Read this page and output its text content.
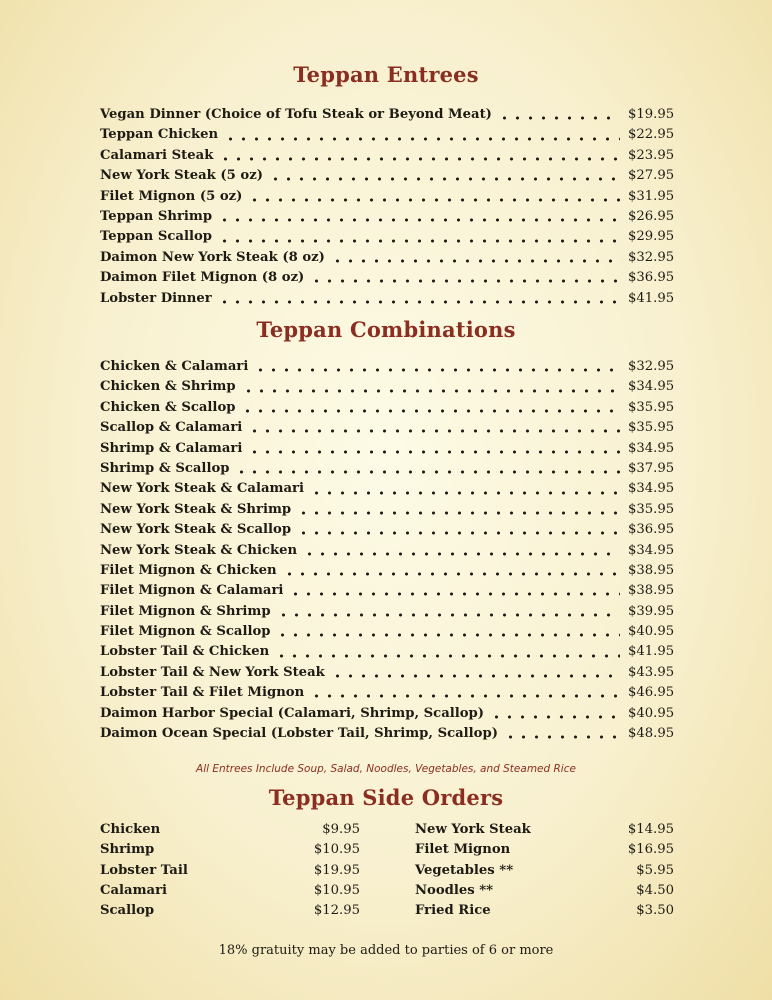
Teppan Entrees
Vegan Dinner (Choice of Tofu Steak or Beyond Meat)	$19.95
Teppan Chicken	$22.95
Calamari Steak	$23.95
New York Steak (5 oz)	$27.95
Filet Mignon (5 oz)	$31.95
Teppan Shrimp	$26.95
Teppan Scallop	$29.95
Daimon New York Steak (8 oz)	$32.95
Daimon Filet Mignon (8 oz)	$36.95
Lobster Dinner	$41.95
Teppan Combinations
Chicken & Calamari	$32.95
Chicken & Shrimp	$34.95
Chicken & Scallop	$35.95
Scallop & Calamari	$35.95
Shrimp & Calamari	$34.95
Shrimp & Scallop	$37.95
New York Steak & Calamari	$34.95
New York Steak & Shrimp	$35.95
New York Steak & Scallop	$36.95
New York Steak & Chicken	$34.95
Filet Mignon & Chicken	$38.95
Filet Mignon & Calamari	$38.95
Filet Mignon & Shrimp	$39.95
Filet Mignon & Scallop	$40.95
Lobster Tail & Chicken	$41.95
Lobster Tail & New York Steak	$43.95
Lobster Tail & Filet Mignon	$46.95
Daimon Harbor Special (Calamari, Shrimp, Scallop)	$40.95
Daimon Ocean Special (Lobster Tail, Shrimp, Scallop)	$48.95
All Entrees Include Soup, Salad, Noodles, Vegetables, and Steamed Rice
Teppan Side Orders
Chicken	$9.95
Shrimp	$10.95
Lobster Tail	$19.95
Calamari	$10.95
Scallop	$12.95
New York Steak	$14.95
Filet Mignon	$16.95
Vegetables **	$5.95
Noodles **	$4.50
Fried Rice	$3.50
18% gratuity may be added to parties of 6 or more
